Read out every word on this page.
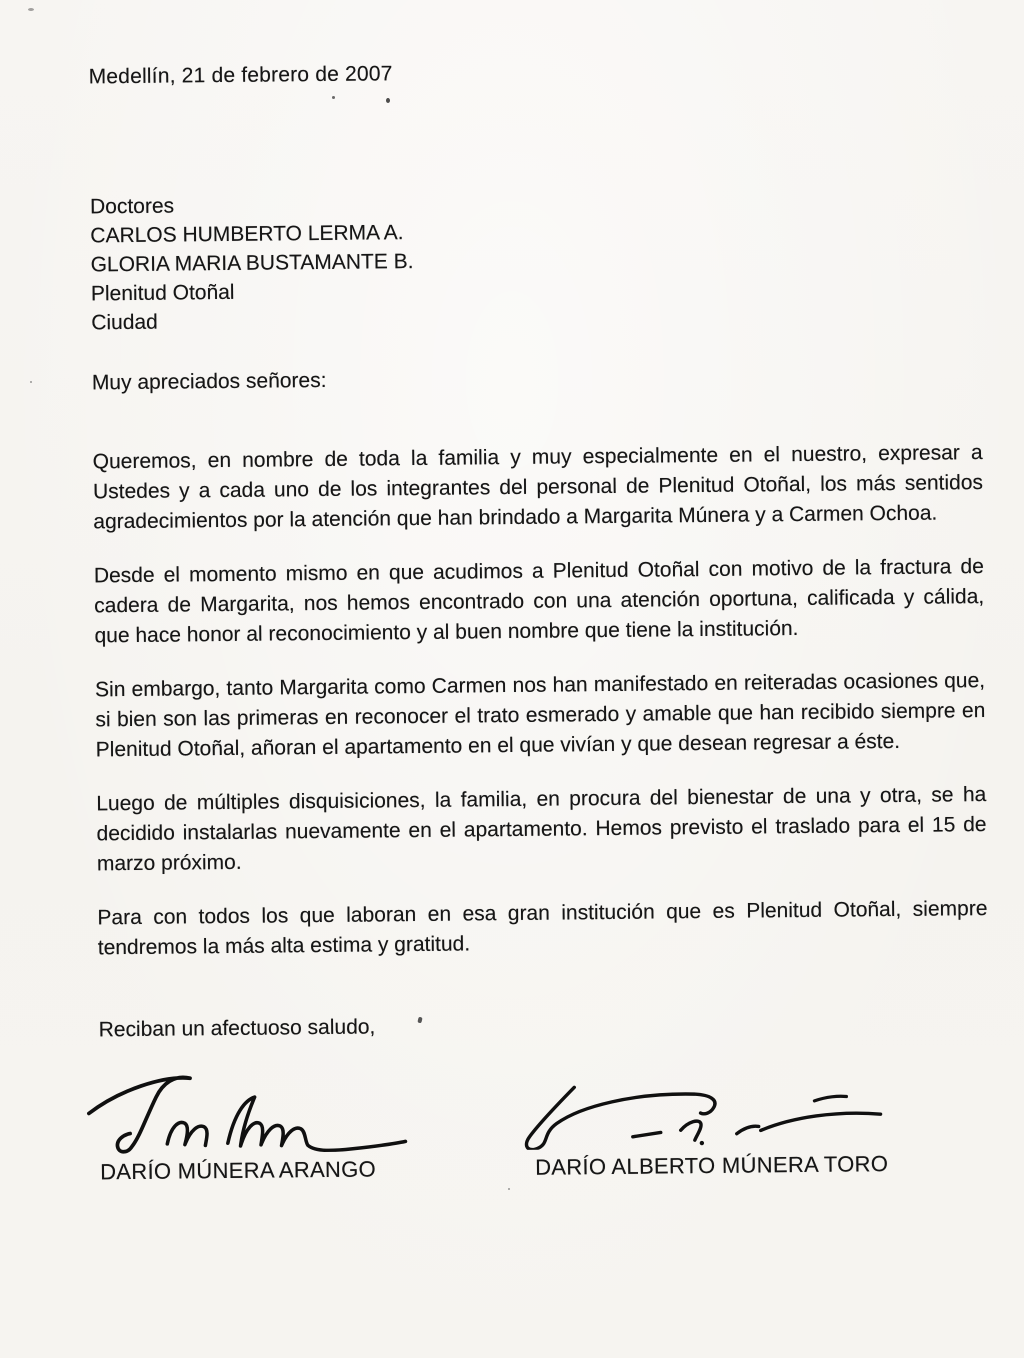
Medellín, 21 de febrero de 2007

Doctores

CARLOS HUMBERTO LERMA A.

GLORIA MARIA BUSTAMANTE B.

Plenitud Otoñal

Ciudad

Muy apreciados señores:

Queremos, en nombre de toda la familia y muy especialmente en el nuestro, expresar a Ustedes y a cada uno de los integrantes del personal de Plenitud Otoñal, los más sentidos agradecimientos por la atención que han brindado a Margarita Múnera y a Carmen Ochoa.

Desde el momento mismo en que acudimos a Plenitud Otoñal con motivo de la fractura de cadera de Margarita, nos hemos encontrado con una atención oportuna, calificada y cálida, que hace honor al reconocimiento y al buen nombre que tiene la institución.

Sin embargo, tanto Margarita como Carmen nos han manifestado en reiteradas ocasiones que, si bien son las primeras en reconocer el trato esmerado y amable que han recibido siempre en Plenitud Otoñal, añoran el apartamento en el que vivían y que desean regresar a éste.

Luego de múltiples disquisiciones, la familia, en procura del bienestar de una y otra, se ha decidido instalarlas nuevamente en el apartamento. Hemos previsto el traslado para el 15 de marzo próximo.

Para con todos los que laboran en esa gran institución que es Plenitud Otoñal, siempre tendremos la más alta estima y gratitud.

Reciban un afectuoso saludo,

DARÍO MÚNERA ARANGO	DARÍO ALBERTO MÚNERA TORO
